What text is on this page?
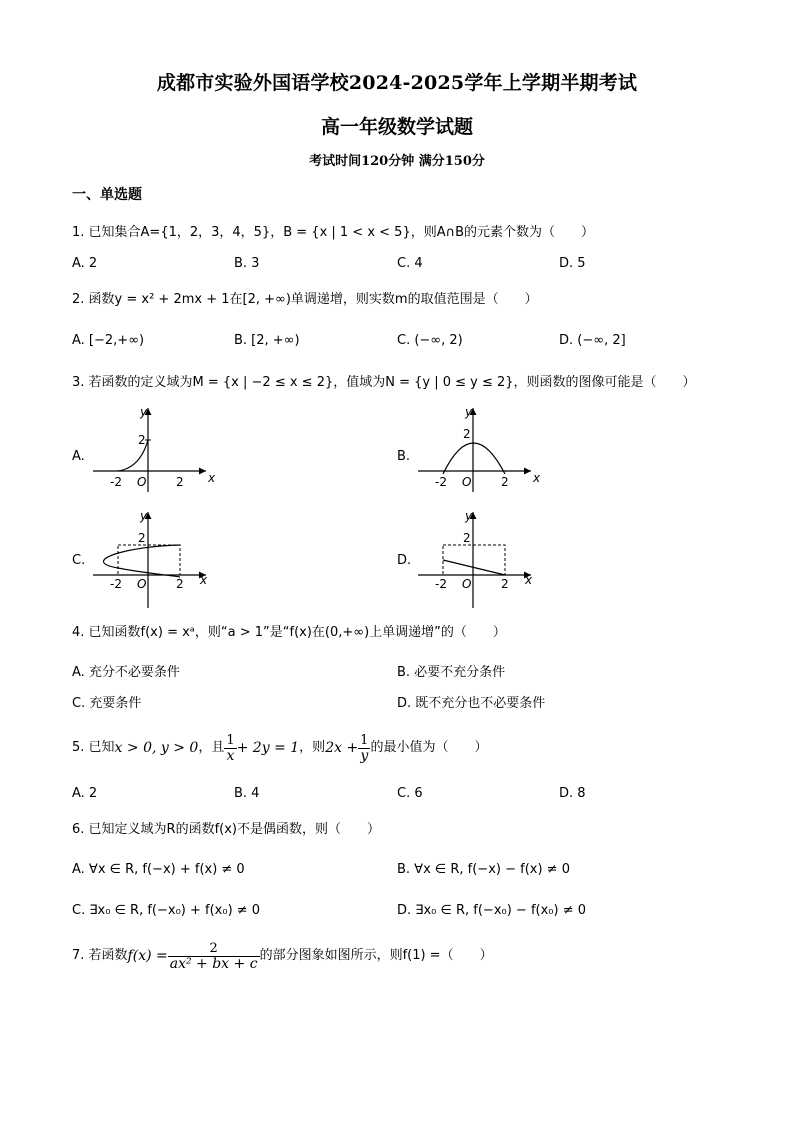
成都市实验外国语学校2024-2025学年上学期半期考试
高一年级数学试题
考试时间120分钟 满分150分
一、单选题
1. 已知集合A={1，2，3，4，5}，B = {x | 1 < x < 5}，则A∩B的元素个数为（　　）
A. 2	B. 3	C. 4	D. 5
2. 函数y = x² + 2mx + 1在[2, +∞)单调递增，则实数m的取值范围是（　　）
A. [−2,+∞)	B. [2, +∞)	C. (−∞, 2)	D. (−∞, 2]
3. 若函数的定义域为M = {x | −2 ≤ x ≤ 2}，值域为N = {y | 0 ≤ y ≤ 2}，则函数的图像可能是（　　）
A.	B.
C.	D.
y
x
2
-2 O 2
y
x
2
-2 O 2
y
x
2
-2 O 2
y
x
2
-2 O 2
4. 已知函数f(x) = xᵃ，则“a > 1”是“f(x)在(0,+∞)上单调递增”的（　　）
A. 充分不必要条件	B. 必要不充分条件
C. 充要条件	D. 既不充分也不必要条件
5. 已知 x > 0, y > 0 ，且 $\frac{1}{x} + 2y = 1$ ，则 $2x + \frac{1}{y}$ 的最小值为（　　）
A. 2	B. 4	C. 6	D. 8
6. 已知定义域为R的函数f(x)不是偶函数，则（　　）
A. ∀x ∈ R, f(−x) + f(x) ≠ 0	B. ∀x ∈ R, f(−x) − f(x) ≠ 0
C. ∃x₀ ∈ R, f(−x₀) + f(x₀) ≠ 0	D. ∃x₀ ∈ R, f(−x₀) − f(x₀) ≠ 0
7. 若函数 $f(x) = \frac{2}{\text{ax² + bx + c}}$ 的部分图象如图所示，则f(1) =（　　）
